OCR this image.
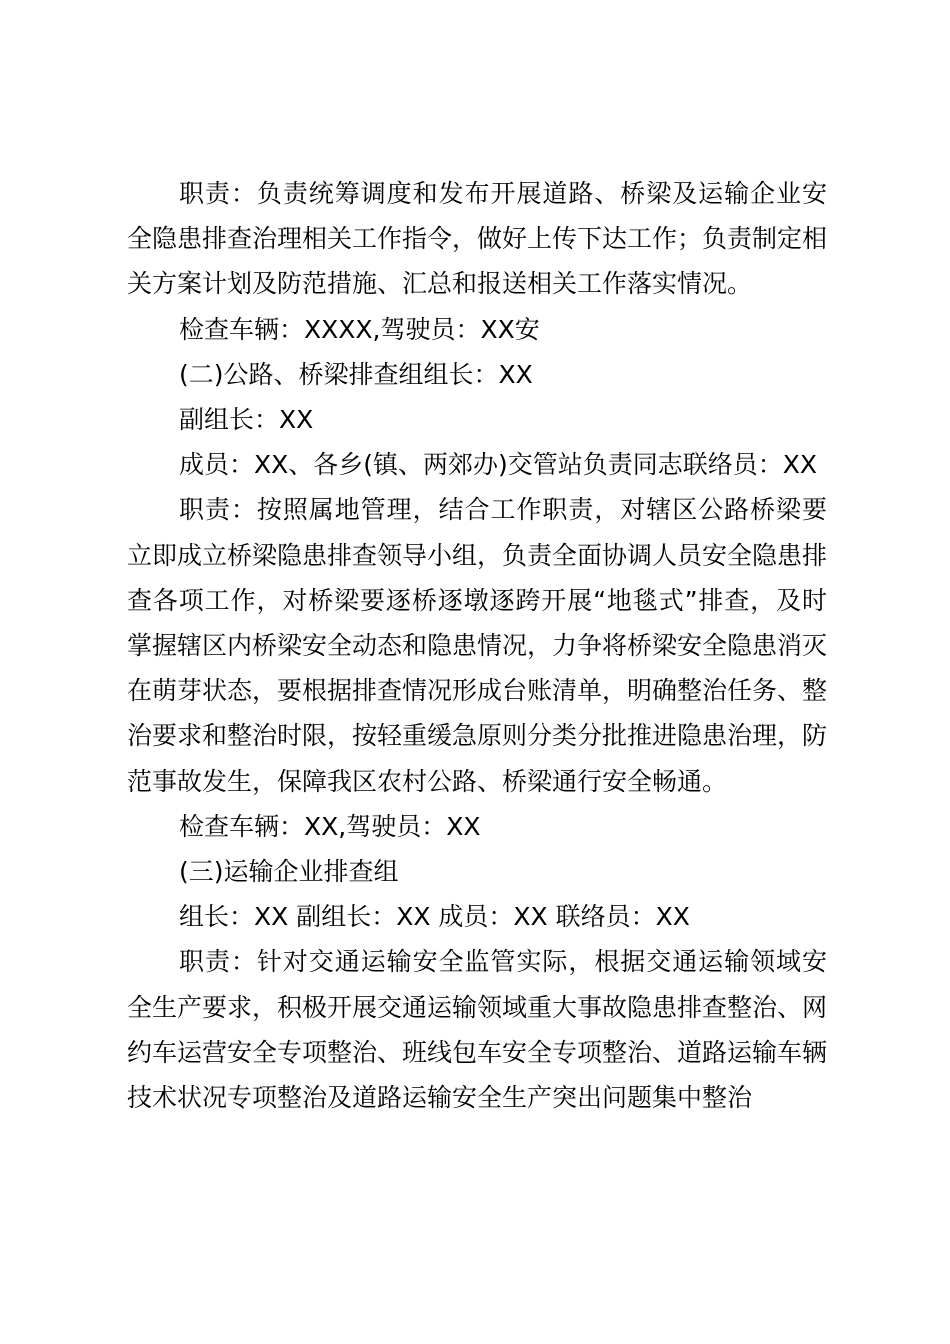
职责：负责统筹调度和发布开展道路、桥梁及运输企业安全隐患排查治理相关工作指令，做好上传下达工作；负责制定相关方案计划及防范措施、汇总和报送相关工作落实情况。

检查车辆：XXXX,驾驶员：XX安

(二)公路、桥梁排查组组长：XX

副组长：XX

成员：XX、各乡(镇、两郊办)交管站负责同志联络员：XX

职责：按照属地管理，结合工作职责，对辖区公路桥梁要立即成立桥梁隐患排查领导小组，负责全面协调人员安全隐患排查各项工作，对桥梁要逐桥逐墩逐跨开展“地毯式”排查，及时掌握辖区内桥梁安全动态和隐患情况，力争将桥梁安全隐患消灭在萌芽状态，要根据排查情况形成台账清单，明确整治任务、整治要求和整治时限，按轻重缓急原则分类分批推进隐患治理，防范事故发生，保障我区农村公路、桥梁通行安全畅通。

检查车辆：XX,驾驶员：XX

(三)运输企业排查组

组长：XX 副组长：XX 成员：XX 联络员：XX

职责：针对交通运输安全监管实际，根据交通运输领域安全生产要求，积极开展交通运输领域重大事故隐患排查整治、网约车运营安全专项整治、班线包车安全专项整治、道路运输车辆技术状况专项整治及道路运输安全生产突出问题集中整治
